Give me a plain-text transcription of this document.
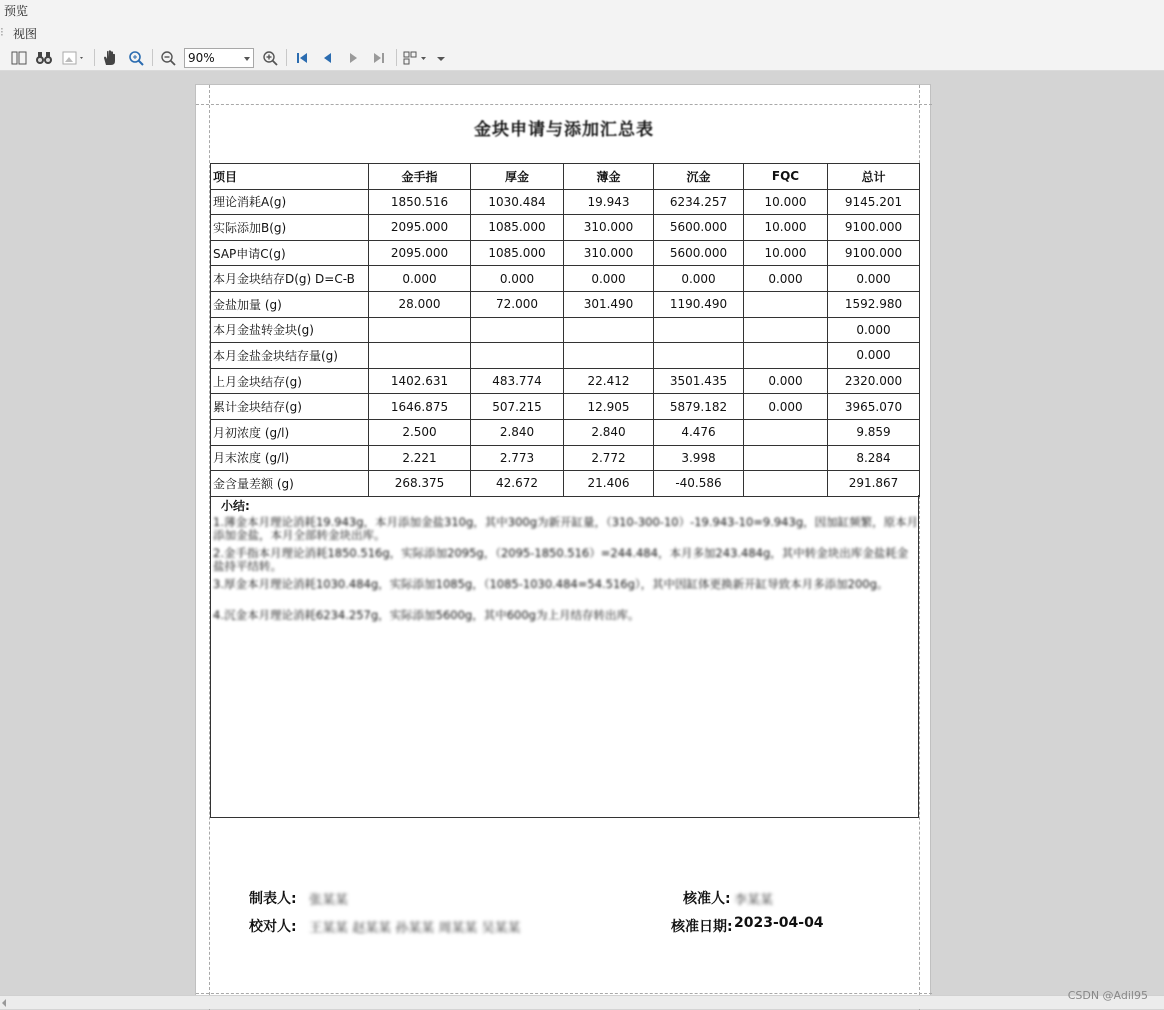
预览
⁝ 视图
90%
金块申请与添加汇总表
项目	金手指	厚金	薄金	沉金	FQC	总计
理论消耗A(g)	1850.516	1030.484	19.943	6234.257	10.000	9145.201
实际添加B(g)	2095.000	1085.000	310.000	5600.000	10.000	9100.000
SAP申请C(g)	2095.000	1085.000	310.000	5600.000	10.000	9100.000
本月金块结存D(g) D=C-B	0.000	0.000	0.000	0.000	0.000	0.000
金盐加量 (g)	28.000	72.000	301.490	1190.490		1592.980
本月金盐转金块(g)						0.000
本月金盐金块结存量(g)						0.000
上月金块结存(g)	1402.631	483.774	22.412	3501.435	0.000	2320.000
累计金块结存(g)	1646.875	507.215	12.905	5879.182	0.000	3965.070
月初浓度 (g/l)	2.500	2.840	2.840	4.476		9.859
月末浓度 (g/l)	2.221	2.773	2.772	3.998		8.284
金含量差额 (g)	268.375	42.672	21.406	-40.586		291.867
小结:
1.薄金本月理论消耗19.943g，本月添加金盐310g，其中300g为新开缸量，（310-300-10）-19.943-10=9.943g，因加缸频繁，原本月
添加金盐，本月全部转金块出库。
2.金手指本月理论消耗1850.516g，实际添加2095g，（2095-1850.516）=244.484，本月多加243.484g，其中转金块出库金盐耗金
盐持平结转。
3.厚金本月理论消耗1030.484g，实际添加1085g，（1085-1030.484=54.516g），其中因缸体更换新开缸导致本月多添加200g。
4.沉金本月理论消耗6234.257g，实际添加5600g，其中600g为上月结存转出库。
制表人: 张某某	核准人: 李某某
校对人: 王某某 赵某某 孙某某 周某某 吴某某	核准日期: 2023-04-04
CSDN @Adil95
